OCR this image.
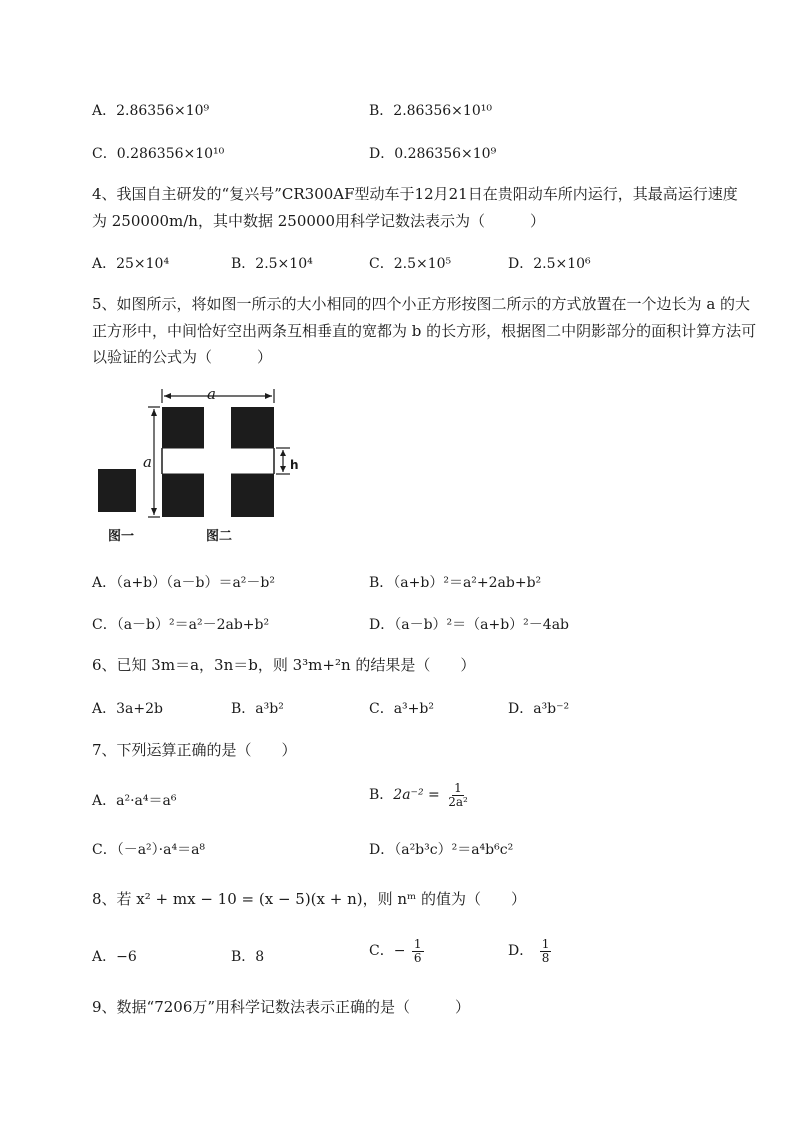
A．2.86356×10⁹	B．2.86356×10¹⁰
C．0.286356×10¹⁰	D．0.286356×10⁹
4、我国自主研发的“复兴号”CR300AF型动车于12月21日在贵阳动车所内运行，其最高运行速度
为 250000m/h，其中数据 250000用科学记数法表示为（　　　）
A．25×10⁴	B．2.5×10⁴	C．2.5×10⁵	D．2.5×10⁶
5、如图所示，将如图一所示的大小相同的四个小正方形按图二所示的方式放置在一个边长为 a 的大
正方形中，中间恰好空出两条互相垂直的宽都为 b 的长方形，根据图二中阴影部分的面积计算方法可
以验证的公式为（　　　）
a
a	h
图一	图二
A．（a+b）（a－b）＝a²－b²	B．（a+b）²＝a²+2ab+b²
C．（a－b）²＝a²－2ab+b²	D．（a－b）²＝（a+b）²－4ab
6、已知 3m＝a，3n＝b，则 3³m+²n 的结果是（　　）
A．3a+2b	B．a³b²	C．a³+b²	D．a³b⁻²
7、下列运算正确的是（　　）
A．a²·a⁴＝a⁶	B．$2a^{-2} = \frac{1}{\text{2a²}}$
C．（－a²）·a⁴＝a⁸	D．（a²b³c）²＝a⁴b⁶c²
8、若 x² + mx − 10 = (x − 5)(x + n)，则 nᵐ 的值为（　　）
A．−6	B．8	C．− $\frac{1}{6}$	D． $\frac{1}{8}$
9、数据“7206万”用科学记数法表示正确的是（　　　）
